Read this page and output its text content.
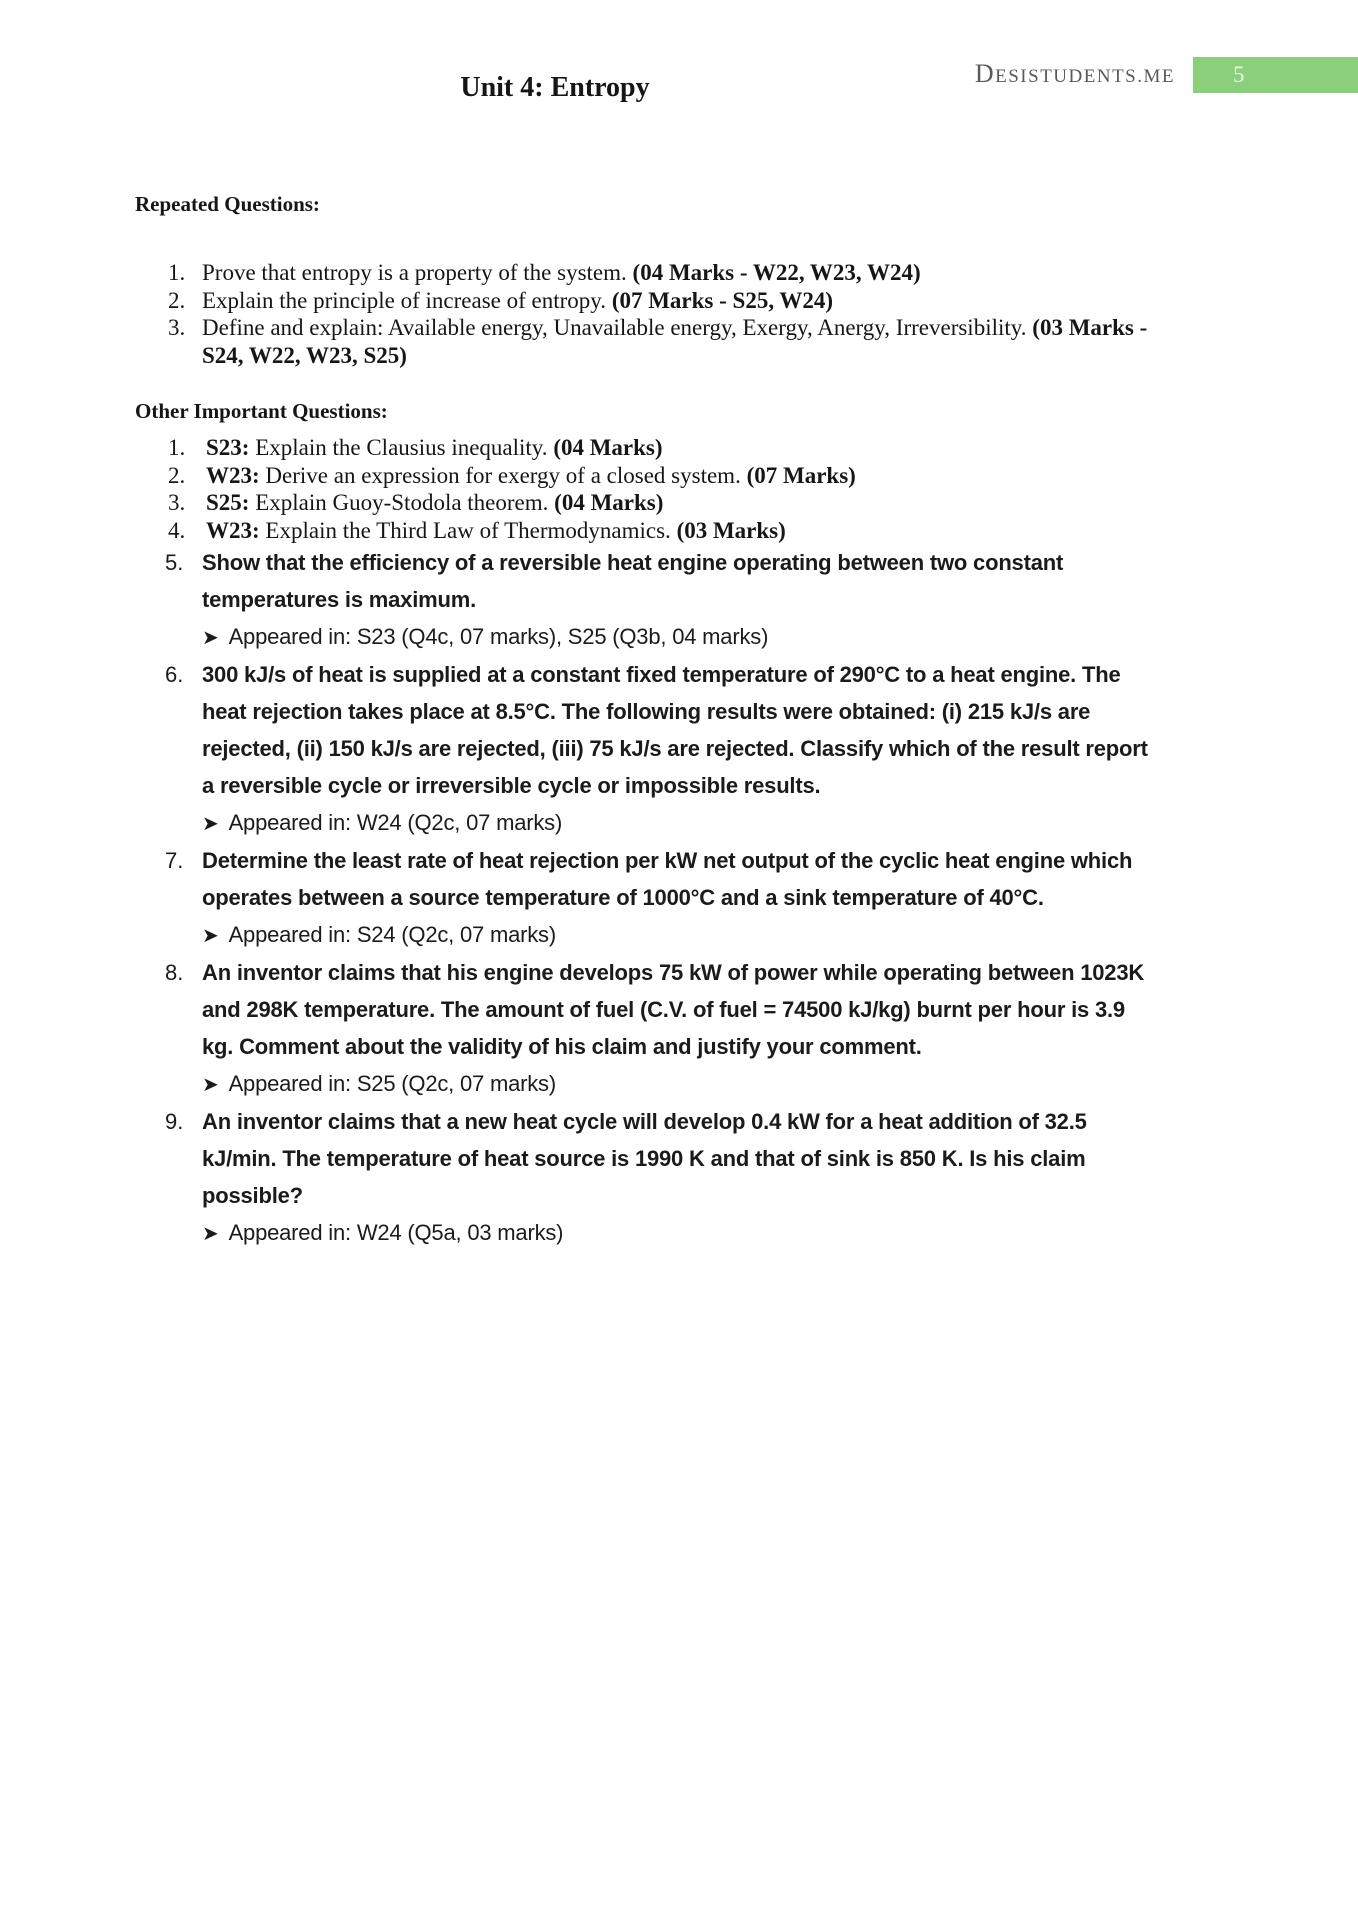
DESISTUDENTS.ME	5
Unit 4: Entropy
Repeated Questions:
1. Prove that entropy is a property of the system. (04 Marks - W22, W23, W24)
2. Explain the principle of increase of entropy. (07 Marks - S25, W24)
3. Define and explain: Available energy, Unavailable energy, Exergy, Anergy, Irreversibility. (03 Marks - S24, W22, W23, S25)
Other Important Questions:
1. S23: Explain the Clausius inequality. (04 Marks)
2. W23: Derive an expression for exergy of a closed system. (07 Marks)
3. S25: Explain Guoy-Stodola theorem. (04 Marks)
4. W23: Explain the Third Law of Thermodynamics. (03 Marks)
5. Show that the efficiency of a reversible heat engine operating between two constant temperatures is maximum.
➤ Appeared in: S23 (Q4c, 07 marks), S25 (Q3b, 04 marks)
6. 300 kJ/s of heat is supplied at a constant fixed temperature of 290°C to a heat engine. The heat rejection takes place at 8.5°C. The following results were obtained: (i) 215 kJ/s are rejected, (ii) 150 kJ/s are rejected, (iii) 75 kJ/s are rejected. Classify which of the result report a reversible cycle or irreversible cycle or impossible results.
➤ Appeared in: W24 (Q2c, 07 marks)
7. Determine the least rate of heat rejection per kW net output of the cyclic heat engine which operates between a source temperature of 1000°C and a sink temperature of 40°C.
➤ Appeared in: S24 (Q2c, 07 marks)
8. An inventor claims that his engine develops 75 kW of power while operating between 1023K and 298K temperature. The amount of fuel (C.V. of fuel = 74500 kJ/kg) burnt per hour is 3.9 kg. Comment about the validity of his claim and justify your comment.
➤ Appeared in: S25 (Q2c, 07 marks)
9. An inventor claims that a new heat cycle will develop 0.4 kW for a heat addition of 32.5 kJ/min. The temperature of heat source is 1990 K and that of sink is 850 K. Is his claim possible?
➤ Appeared in: W24 (Q5a, 03 marks)
